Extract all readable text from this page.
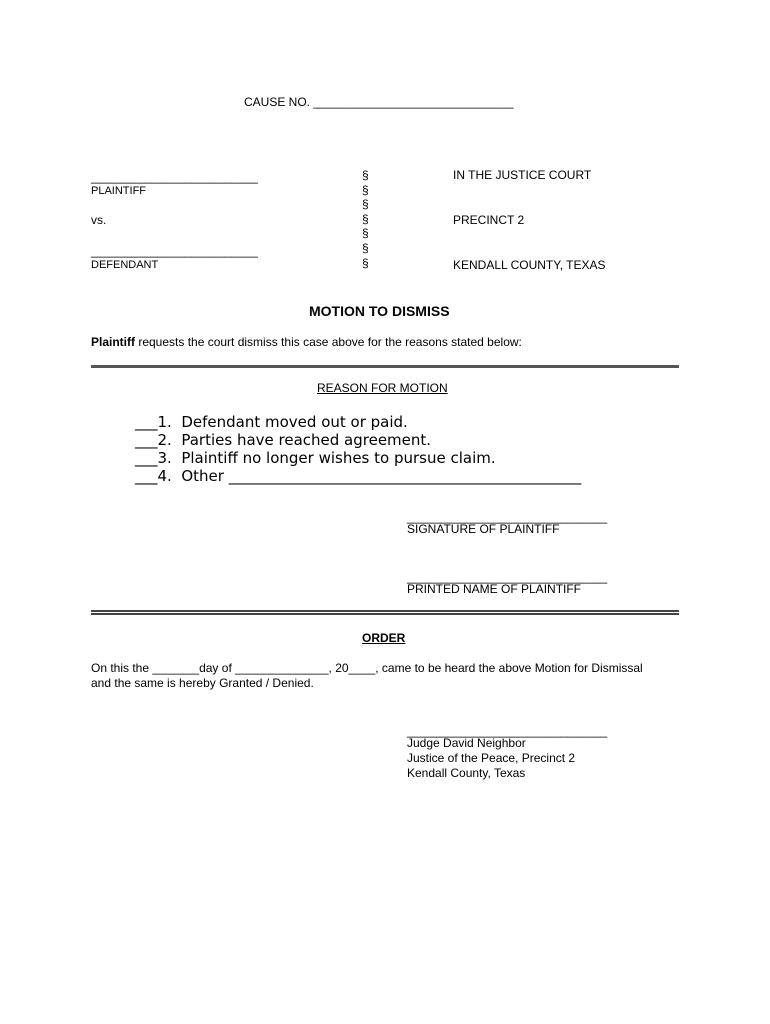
CAUSE NO. ______________________________
_________________________
PLAINTIFF
vs.
_________________________
DEFENDANT
§
§
§
§
§
§
§
IN THE JUSTICE COURT
PRECINCT 2
KENDALL COUNTY, TEXAS
MOTION TO DISMISS
Plaintiff requests the court dismiss this case above for the reasons stated below:
REASON FOR MOTION
___1.  Defendant moved out or paid.
___2.  Parties have reached agreement.
___3.  Plaintiff no longer wishes to pursue claim.
___4.  Other _______________________________________________
______________________________
SIGNATURE OF PLAINTIFF
______________________________
PRINTED NAME OF PLAINTIFF
ORDER
On this the _______day of ______________, 20____, came to be heard the above Motion for Dismissal
and the same is hereby Granted / Denied.
______________________________
Judge David Neighbor
Justice of the Peace, Precinct 2
Kendall County, Texas
